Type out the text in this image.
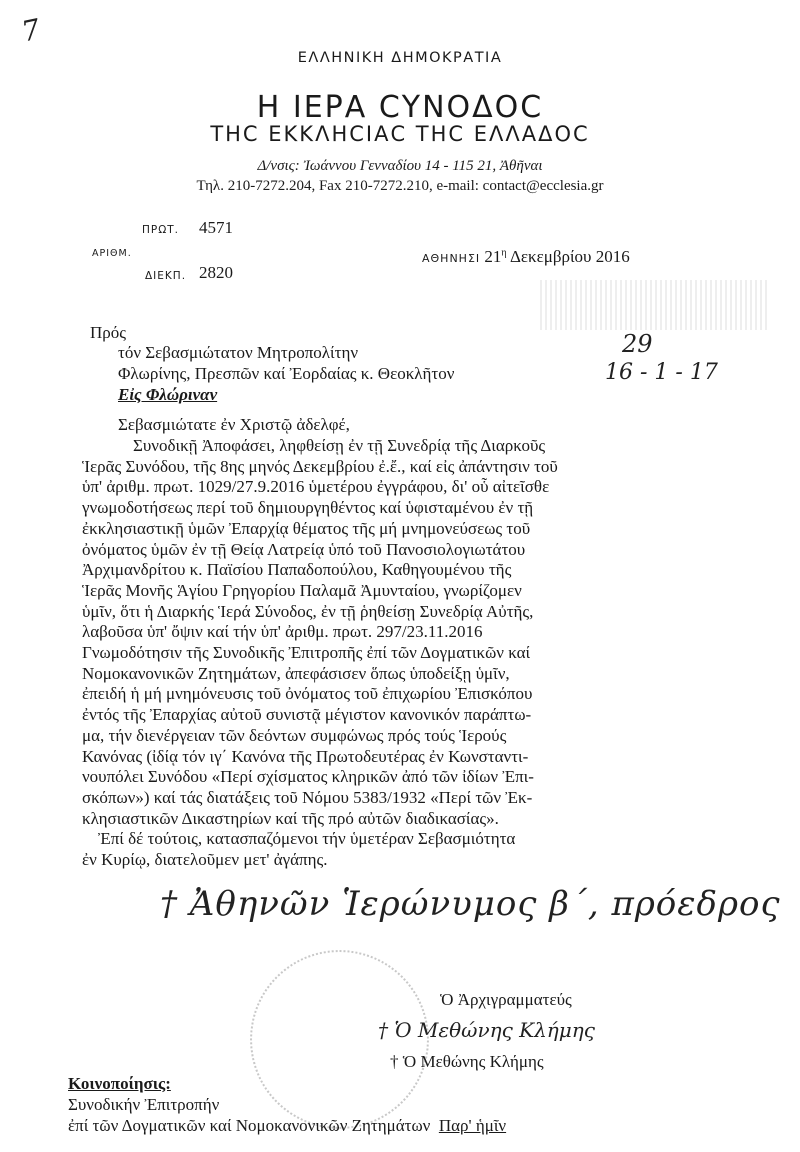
7
ΕΛΛΗΝΙΚΗ ΔΗΜΟΚΡΑΤΙΑ
Η ΙΕΡΑ CΥΝΟΔΟC
ΤΗC ΕΚΚΛΗCΙΑC ΤΗC ΕΛΛΑΔΟC
Δ/νσις: Ἰωάννου Γενναδίου 14 - 115 21, Ἀθῆναι
Τηλ. 210-7272.204, Fax 210-7272.210, e-mail: contact@ecclesia.gr
ΠΡΩΤ. 4571
ΑΡΙΘΜ.
ΔΙΕΚΠ. 2820
ΑΘΗΝΗΣΙ $21^\eta$ Δεκεμβρίου 2016
Πρός
τόν Σεβασμιώτατον Μητροπολίτην
Φλωρίνης, Πρεσπῶν καί Ἐορδαίας κ. Θεοκλῆτον
Εἰς Φλώριναν
29
16 - 1 - 17
Σεβασμιώτατε ἐν Χριστῷ ἀδελφέ,
Συνοδικῇ Ἀποφάσει, ληφθείσῃ ἐν τῇ Συνεδρίᾳ τῆς Διαρκοῦς
Ἱερᾶς Συνόδου, τῆς 8ης μηνός Δεκεμβρίου ἐ.ἔ., καί εἰς ἀπάντησιν τοῦ
ὑπ' ἀριθμ. πρωτ. 1029/27.9.2016 ὑμετέρου ἐγγράφου, δι' οὗ αἰτεῖσθε
γνωμοδοτήσεως περί τοῦ δημιουργηθέντος καί ὑφισταμένου ἐν τῇ
ἐκκλησιαστικῇ ὑμῶν Ἐπαρχίᾳ θέματος τῆς μή μνημονεύσεως τοῦ
ὀνόματος ὑμῶν ἐν τῇ Θείᾳ Λατρείᾳ ὑπό τοῦ Πανοσιολογιωτάτου
Ἀρχιμανδρίτου κ. Παϊσίου Παπαδοπούλου, Καθηγουμένου τῆς
Ἱερᾶς Μονῆς Ἁγίου Γρηγορίου Παλαμᾶ Ἀμυνταίου, γνωρίζομεν
ὑμῖν, ὅτι ἡ Διαρκής Ἱερά Σύνοδος, ἐν τῇ ῥηθείσῃ Συνεδρίᾳ Αὐτῆς,
λαβοῦσα ὑπ' ὄψιν καί τήν ὑπ' ἀριθμ. πρωτ. 297/23.11.2016
Γνωμοδότησιν τῆς Συνοδικῆς Ἐπιτροπῆς ἐπί τῶν Δογματικῶν καί
Νομοκανονικῶν Ζητημάτων, ἀπεφάσισεν ὅπως ὑποδείξῃ ὑμῖν,
ἐπειδή ἡ μή μνημόνευσις τοῦ ὀνόματος τοῦ ἐπιχωρίου Ἐπισκόπου
ἐντός τῆς Ἐπαρχίας αὐτοῦ συνιστᾷ μέγιστον κανονικόν παράπτω-
μα, τήν διενέργειαν τῶν δεόντων συμφώνως πρός τούς Ἱερούς
Κανόνας (ἰδίᾳ τόν ιγ΄ Κανόνα τῆς Πρωτοδευτέρας ἐν Κωνσταντι-
νουπόλει Συνόδου «Περί σχίσματος κληρικῶν ἀπό τῶν ἰδίων Ἐπι-
σκόπων») καί τάς διατάξεις τοῦ Νόμου 5383/1932 «Περί τῶν Ἐκ-
κλησιαστικῶν Δικαστηρίων καί τῆς πρό αὐτῶν διαδικασίας».
Ἐπί δέ τούτοις, κατασπαζόμενοι τήν ὑμετέραν Σεβασμιότητα
ἐν Κυρίῳ, διατελοῦμεν μετ' ἀγάπης.
† Ἀθηνῶν Ἱερώνυμος β΄, πρόεδρος
Ὁ Ἀρχιγραμματεύς
† Ὁ Μεθώνης Κλήμης
† Ὁ Μεθώνης Κλήμης
Κοινοποίησις:
Συνοδικήν Ἐπιτροπήν
ἐπί τῶν Δογματικῶν καί Νομοκανονικῶν Ζητημάτων Παρ' ἡμῖν
